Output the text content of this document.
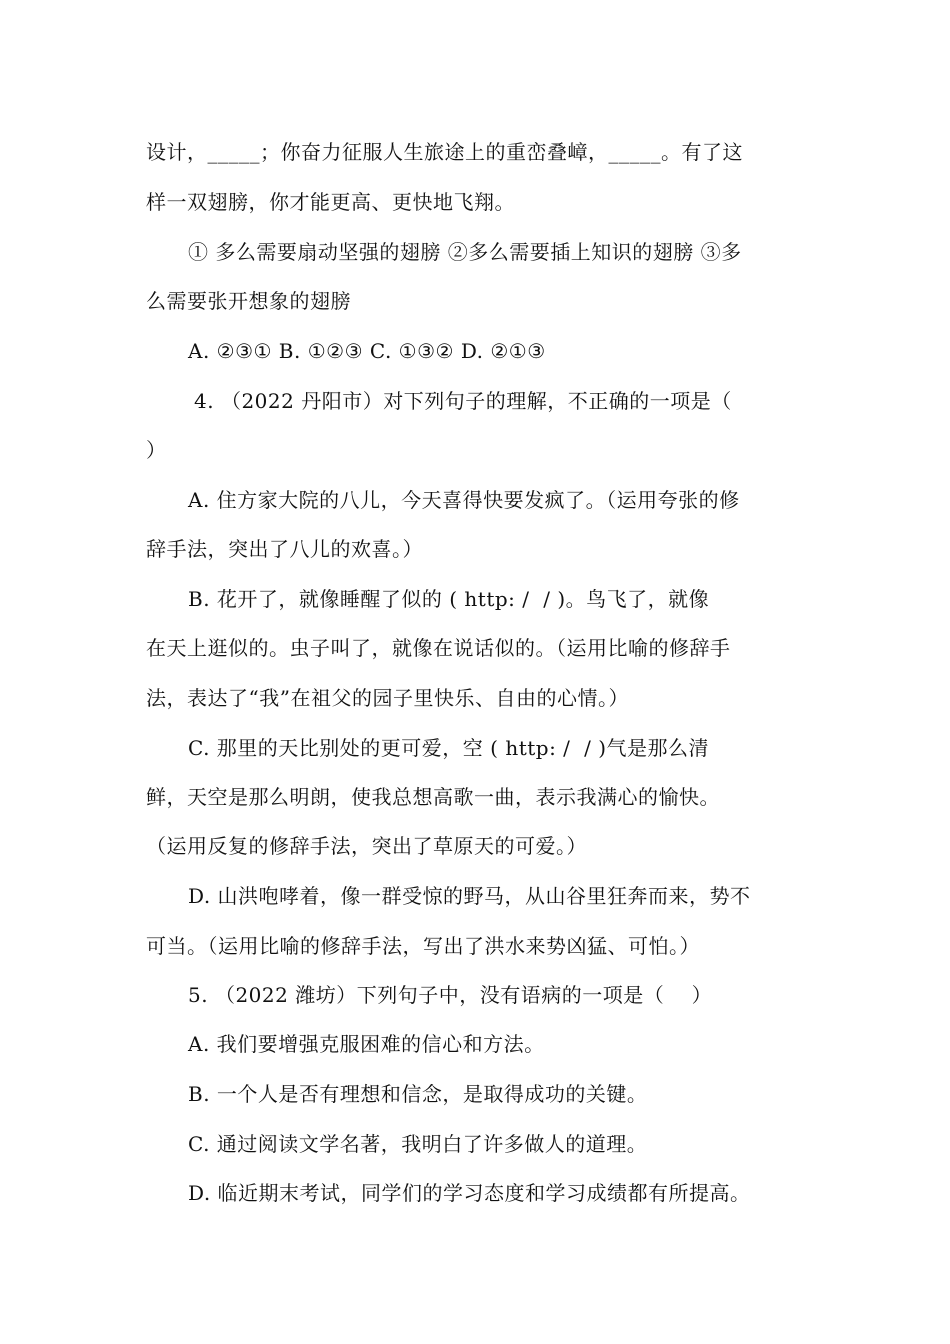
设计，_____；你奋力征服人生旅途上的重峦叠嶂，_____。有了这
样一双翅膀，你才能更高、更快地飞翔。
① 多么需要扇动坚强的翅膀 ②多么需要插上知识的翅膀 ③多
么需要张开想象的翅膀
A. ②③① B. ①②③ C. ①③② D. ②①③
4. （2022 丹阳市）对下列句子的理解，不正确的一项是（
）
A. 住方家大院的八儿，今天喜得快要发疯了。（运用夸张的修
辞手法，突出了八儿的欢喜。）
B. 花开了，就像睡醒了似的 ( http: /  / )。鸟飞了，就像
在天上逛似的。虫子叫了，就像在说话似的。（运用比喻的修辞手
法，表达了“我”在祖父的园子里快乐、自由的心情。）
C. 那里的天比别处的更可爱，空 ( http: /  / )气是那么清
鲜，天空是那么明朗，使我总想高歌一曲，表示我满心的愉快。
（运用反复的修辞手法，突出了草原天的可爱。）
D. 山洪咆哮着，像一群受惊的野马，从山谷里狂奔而来，势不
可当。（运用比喻的修辞手法，写出了洪水来势凶猛、可怕。）
5. （2022 潍坊）下列句子中，没有语病的一项是（    ）
A. 我们要增强克服困难的信心和方法。
B. 一个人是否有理想和信念，是取得成功的关键。
C. 通过阅读文学名著，我明白了许多做人的道理。
D. 临近期末考试，同学们的学习态度和学习成绩都有所提高。
